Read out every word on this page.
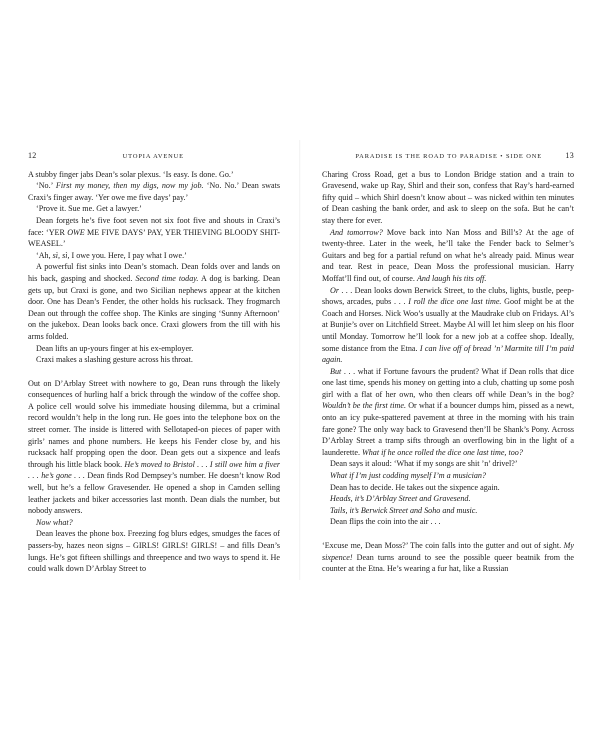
12	UTOPIA AVENUE

A stubby finger jabs Dean’s solar plexus. ‘Is easy. Is done. Go.’

‘No.’ First my money, then my digs, now my job. ‘No. No.’ Dean swats Craxi’s finger away. ‘Yer owe me five days’ pay.’

‘Prove it. Sue me. Get a lawyer.’

Dean forgets he’s five foot seven not six foot five and shouts in Craxi’s face: ‘YER OWE ME FIVE DAYS’ PAY, YER THIEVING BLOODY SHIT-WEASEL.’

‘Ah, sì, sì, I owe you. Here, I pay what I owe.’

A powerful fist sinks into Dean’s stomach. Dean folds over and lands on his back, gasping and shocked. Second time today. A dog is barking. Dean gets up, but Craxi is gone, and two Sicilian nephews appear at the kitchen door. One has Dean’s Fender, the other holds his rucksack. They frogmarch Dean out through the coffee shop. The Kinks are singing ‘Sunny Afternoon’ on the jukebox. Dean looks back once. Craxi glowers from the till with his arms folded.

Dean lifts an up-yours finger at his ex-employer.

Craxi makes a slashing gesture across his throat.

Out on D’Arblay Street with nowhere to go, Dean runs through the likely consequences of hurling half a brick through the window of the coffee shop. A police cell would solve his immediate housing dilemma, but a criminal record wouldn’t help in the long run. He goes into the telephone box on the street corner. The inside is littered with Sellotaped-on pieces of paper with girls’ names and phone numbers. He keeps his Fender close by, and his rucksack half propping open the door. Dean gets out a sixpence and leafs through his little black book. He’s moved to Bristol . . . I still owe him a fiver . . . he’s gone . . . Dean finds Rod Dempsey’s number. He doesn’t know Rod well, but he’s a fellow Gravesender. He opened a shop in Camden selling leather jackets and biker accessories last month. Dean dials the number, but nobody answers.

Now what?

Dean leaves the phone box. Freezing fog blurs edges, smudges the faces of passers-by, hazes neon signs – GIRLS! GIRLS! GIRLS! – and fills Dean’s lungs. He’s got fifteen shillings and threepence and two ways to spend it. He could walk down D’Arblay Street to

PARADISE IS THE ROAD TO PARADISE • SIDE ONE	13

Charing Cross Road, get a bus to London Bridge station and a train to Gravesend, wake up Ray, Shirl and their son, confess that Ray’s hard-earned fifty quid – which Shirl doesn’t know about – was nicked within ten minutes of Dean cashing the bank order, and ask to sleep on the sofa. But he can’t stay there for ever.

And tomorrow? Move back into Nan Moss and Bill’s? At the age of twenty-three. Later in the week, he’ll take the Fender back to Selmer’s Guitars and beg for a partial refund on what he’s already paid. Minus wear and tear. Rest in peace, Dean Moss the professional musician. Harry Moffat’ll find out, of course. And laugh his tits off.

Or . . . Dean looks down Berwick Street, to the clubs, lights, bustle, peep-shows, arcades, pubs . . . I roll the dice one last time. Goof might be at the Coach and Horses. Nick Woo’s usually at the Maudrake club on Fridays. Al’s at Bunjie’s over on Litchfield Street. Maybe Al will let him sleep on his floor until Monday. Tomorrow he’ll look for a new job at a coffee shop. Ideally, some distance from the Etna. I can live off of bread ’n’ Marmite till I’m paid again.

But . . . what if Fortune favours the prudent? What if Dean rolls that dice one last time, spends his money on getting into a club, chatting up some posh girl with a flat of her own, who then clears off while Dean’s in the bog? Wouldn’t be the first time. Or what if a bouncer dumps him, pissed as a newt, onto an icy puke-spattered pavement at three in the morning with his train fare gone? The only way back to Gravesend then’ll be Shank’s Pony. Across D’Arblay Street a tramp sifts through an overflowing bin in the light of a launderette. What if he once rolled the dice one last time, too?

Dean says it aloud: ‘What if my songs are shit ’n’ drivel?’

What if I’m just codding myself I’m a musician?

Dean has to decide. He takes out the sixpence again.

Heads, it’s D’Arblay Street and Gravesend.

Tails, it’s Berwick Street and Soho and music.

Dean flips the coin into the air . . .

‘Excuse me, Dean Moss?’ The coin falls into the gutter and out of sight. My sixpence! Dean turns around to see the possible queer beatnik from the counter at the Etna. He’s wearing a fur hat, like a Russian
